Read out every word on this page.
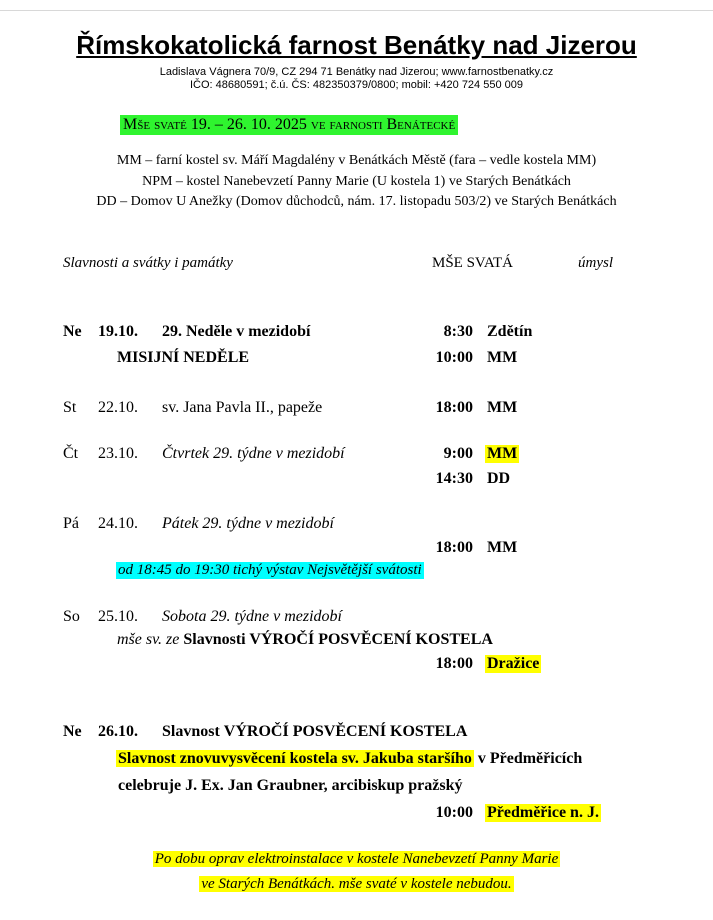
Římskokatolická farnost Benátky nad Jizerou
Ladislava Vágnera 70/9, CZ 294 71 Benátky nad Jizerou; www.farnostbenatky.cz
IČO: 48680591; č.ú. ČS: 482350379/0800; mobil: +420 724 550 009
Mše svaté 19. – 26. 10. 2025 ve farnosti Benátecké
MM – farní kostel sv. Máří Magdalény v Benátkách Městě (fara – vedle kostela MM)
NPM – kostel Nanebevzetí Panny Marie (U kostela 1) ve Starých Benátkách
DD – Domov U Anežky (Domov důchodců, nám. 17. listopadu 503/2) ve Starých Benátkách
Slavnosti a svátky i památky	MŠE SVATÁ	úmysl
Ne 19.10. 29. Neděle v mezidobí	8:30 Zdětín
MISIJNÍ NEDĚLE	10:00 MM
St 22.10. sv. Jana Pavla II., papeže	18:00 MM
Čt 23.10. Čtvrtek 29. týdne v mezidobí	9:00 MM
14:30 DD
Pá 24.10. Pátek 29. týdne v mezidobí
18:00 MM
od 18:45 do 19:30 tichý výstav Nejsvětější svátosti
So 25.10. Sobota 29. týdne v mezidobí
mše sv. ze Slavnosti VÝROČÍ POSVĚCENÍ KOSTELA
18:00 Dražice
Ne 26.10. Slavnost VÝROČÍ POSVĚCENÍ KOSTELA
Slavnost znovuvysvěcení kostela sv. Jakuba staršího v Předměřicích
celebruje J. Ex. Jan Graubner, arcibiskup pražský
10:00 Předměřice n. J.
Po dobu oprav elektroinstalace v kostele Nanebevzetí Panny Marie
ve Starých Benátkách. mše svaté v kostele nebudou.
